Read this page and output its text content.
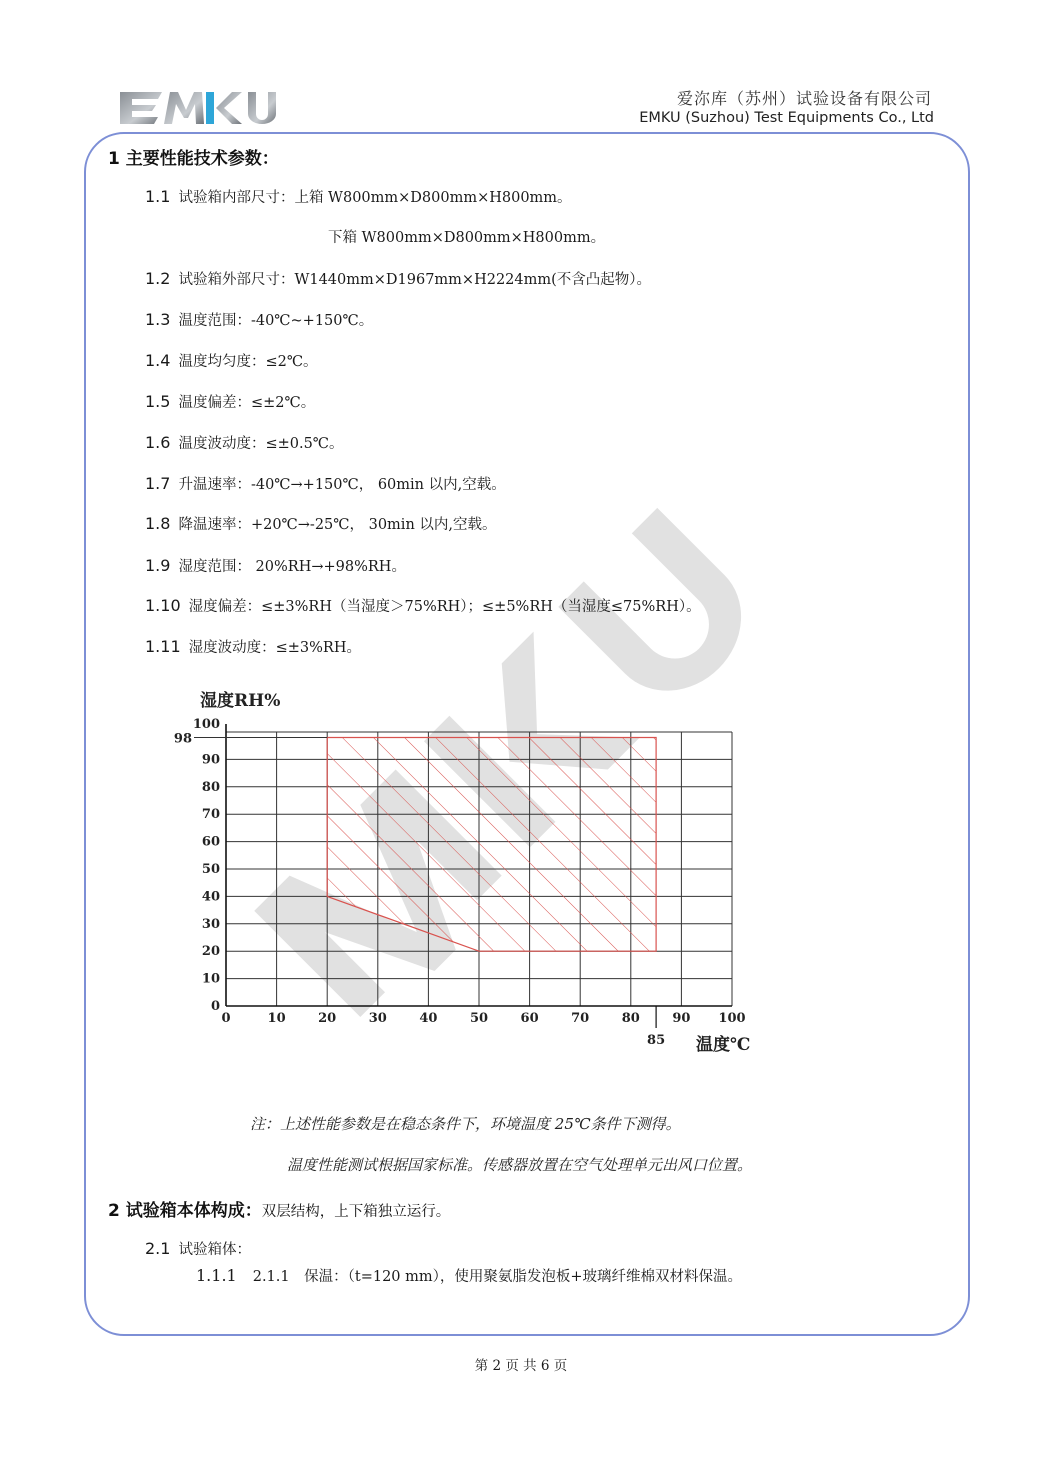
爱沵库（苏州）试验设备有限公司
EMKU (Suzhou) Test Equipments Co., Ltd
1 主要性能技术参数：
1.1 试验箱内部尺寸：上箱 W800mm×D800mm×H800mm。
下箱 W800mm×D800mm×H800mm。
1.2 试验箱外部尺寸：W1440mm×D1967mm×H2224mm(不含凸起物）。
1.3 温度范围：-40℃~+150℃。
1.4 温度均匀度：≤2℃。
1.5 温度偏差：≤±2℃。
1.6 温度波动度：≤±0.5℃。
1.7 升温速率：-40℃→+150℃， 60min 以内,空载。
1.8 降温速率：+20℃→-25℃， 30min 以内,空载。
1.9 湿度范围： 20%RH→+98%RH。
1.10 湿度偏差：≤±3%RH（当湿度＞75%RH）；≤±5%RH（当湿度≤75%RH）。
1.11 湿度波动度：≤±3%RH。
0	10	20	30	40	50	60	70	80	90 100
0
10
20
30
40
50
60
70
80
90
100
85
98
湿度RH%
温度℃
注：上述性能参数是在稳态条件下，环境温度 25℃条件下测得。
温度性能测试根据国家标准。传感器放置在空气处理单元出风口位置。
2 试验箱本体构成：双层结构，上下箱独立运行。
2.1 试验箱体：
1.1.1 2.1.1　保温：（t=120 mm），使用聚氨脂发泡板+玻璃纤维棉双材料保温。
第 2 页 共 6 页
